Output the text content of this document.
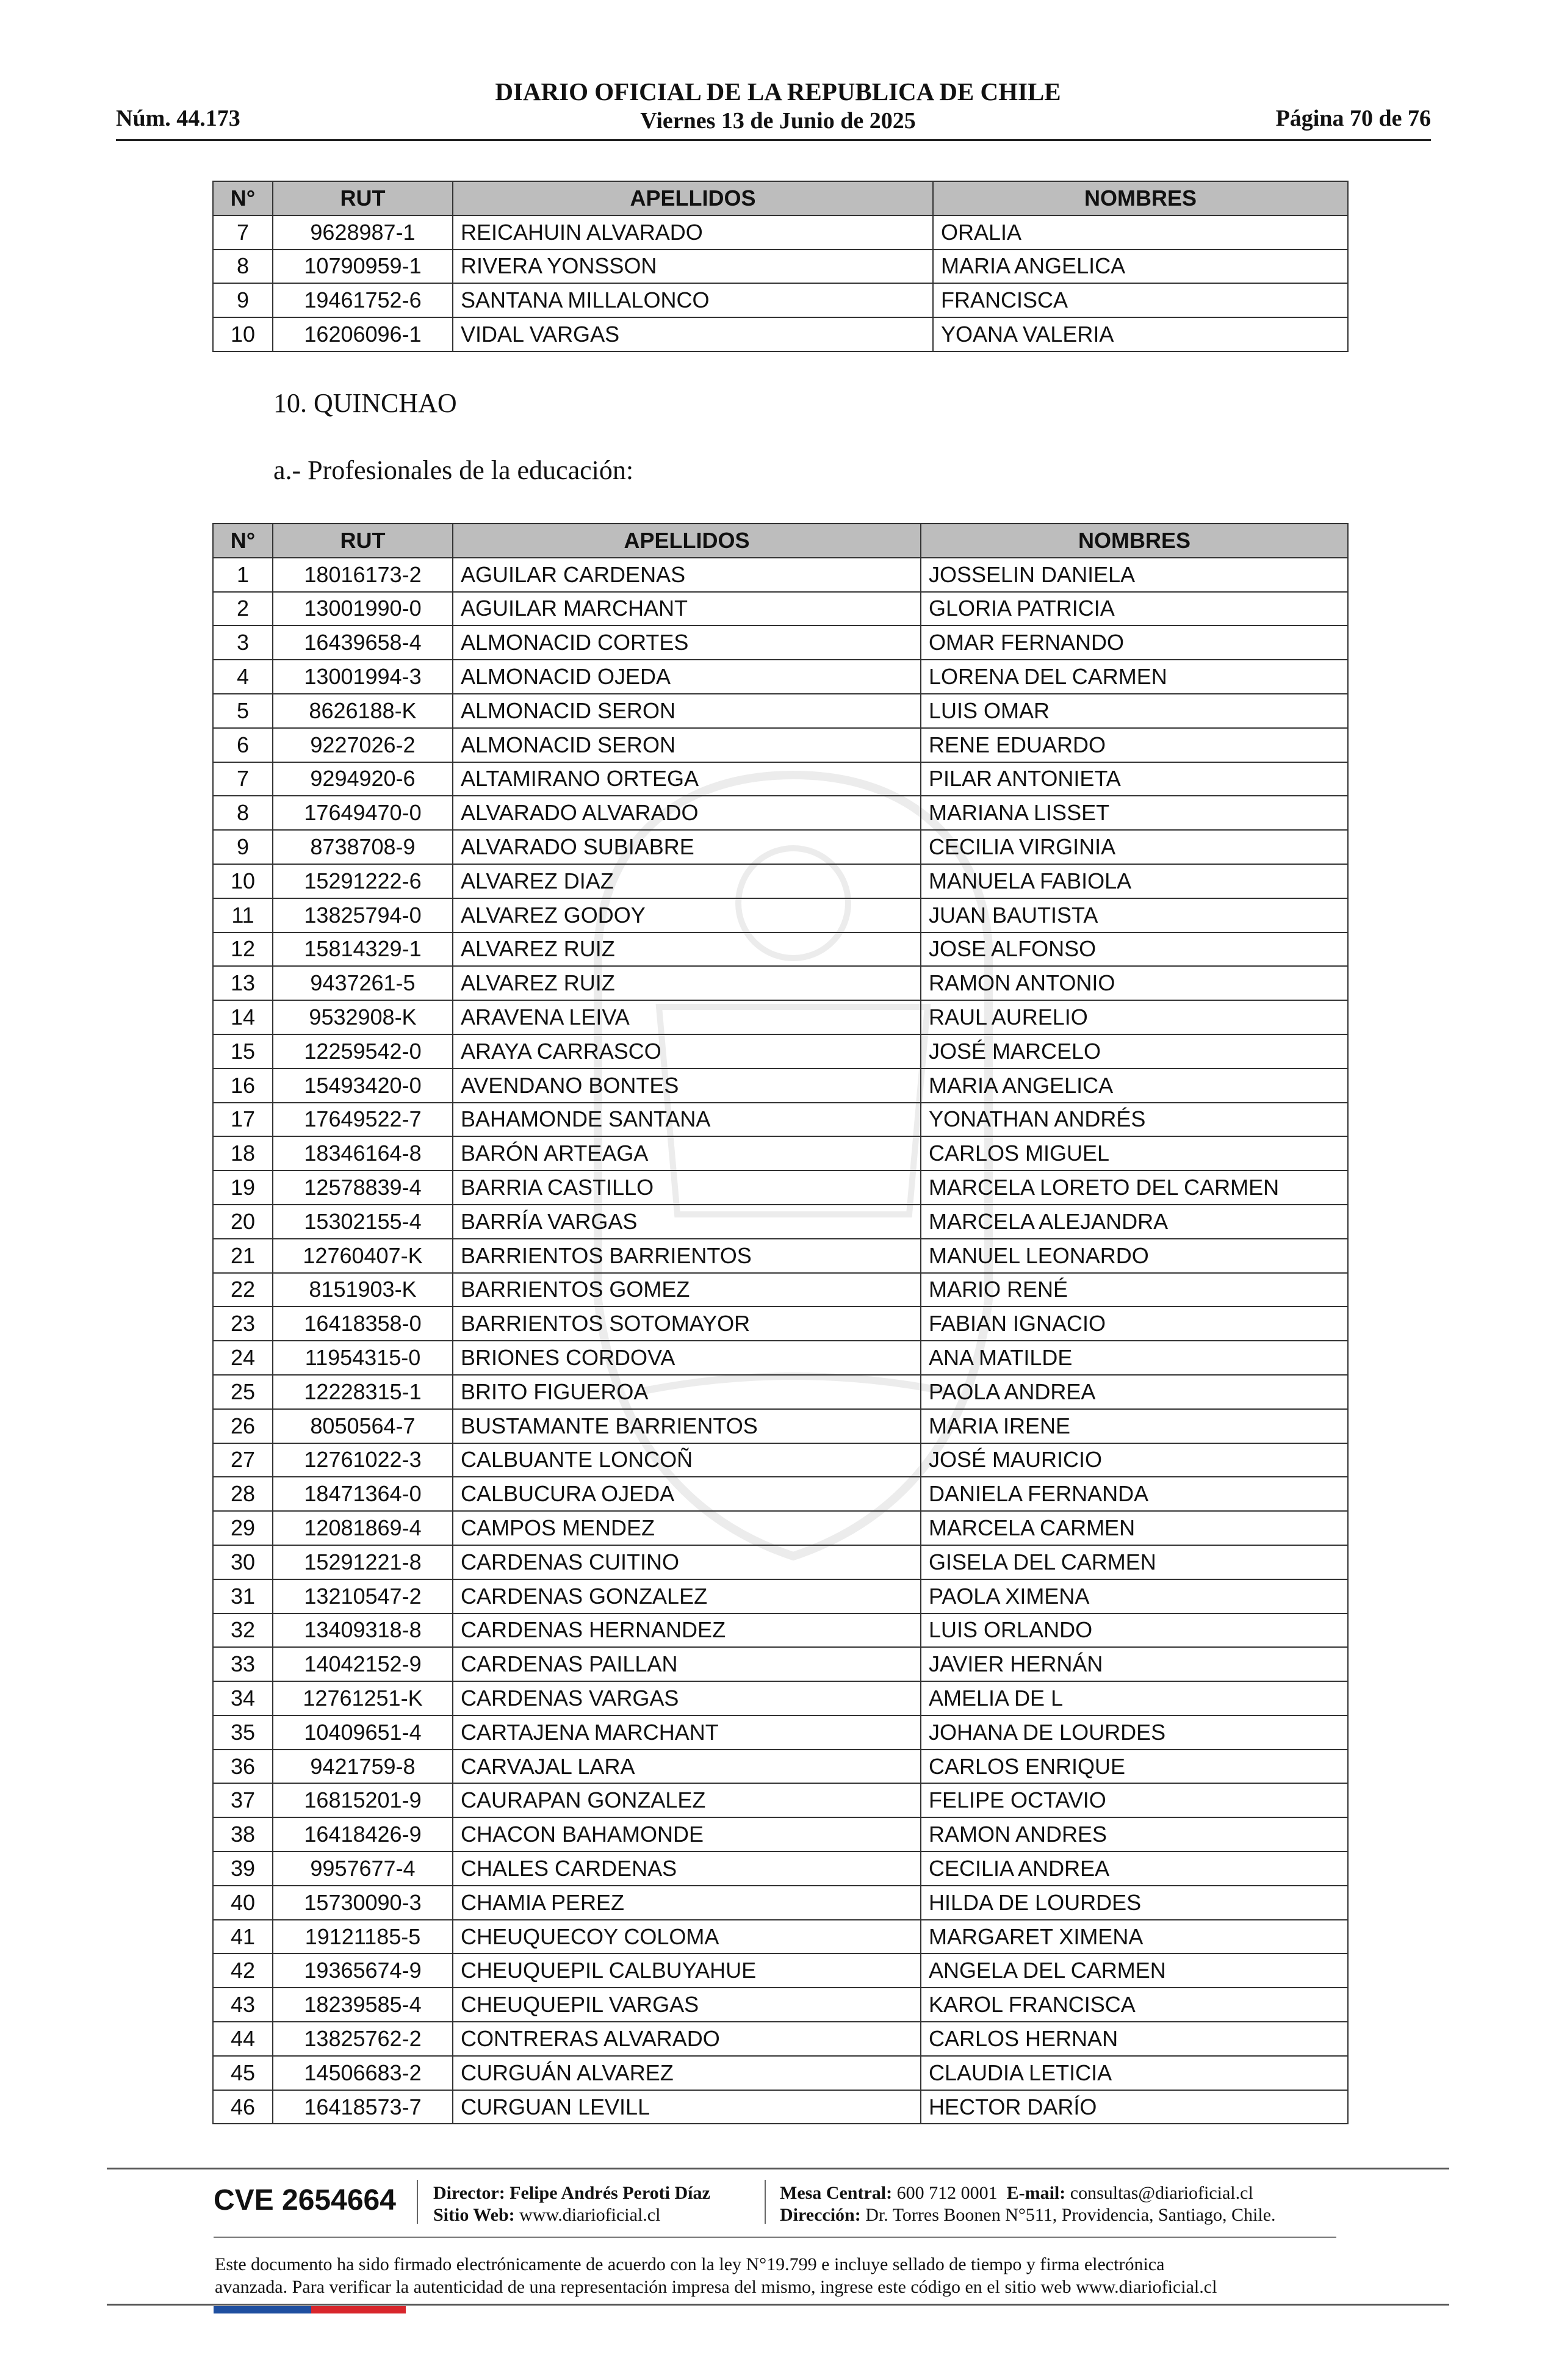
Núm. 44.173
DIARIO OFICIAL DE LA REPUBLICA DE CHILE
Viernes 13 de Junio de 2025	Página 70 de 76
N°	RUT	APELLIDOS	NOMBRES
7	9628987-1	REICAHUIN ALVARADO	ORALIA
8	10790959-1	RIVERA YONSSON	MARIA ANGELICA
9	19461752-6	SANTANA MILLALONCO	FRANCISCA
10	16206096-1	VIDAL VARGAS	YOANA VALERIA
10. QUINCHAO
a.- Profesionales de la educación:
N°	RUT	APELLIDOS	NOMBRES
1	18016173-2	AGUILAR CARDENAS	JOSSELIN DANIELA
2	13001990-0	AGUILAR MARCHANT	GLORIA PATRICIA
3	16439658-4	ALMONACID CORTES	OMAR FERNANDO
4	13001994-3	ALMONACID OJEDA	LORENA DEL CARMEN
5	8626188-K	ALMONACID SERON	LUIS OMAR
6	9227026-2	ALMONACID SERON	RENE EDUARDO
7	9294920-6	ALTAMIRANO ORTEGA	PILAR ANTONIETA
8	17649470-0	ALVARADO ALVARADO	MARIANA LISSET
9	8738708-9	ALVARADO SUBIABRE	CECILIA VIRGINIA
10	15291222-6	ALVAREZ DIAZ	MANUELA FABIOLA
11	13825794-0	ALVAREZ GODOY	JUAN BAUTISTA
12	15814329-1	ALVAREZ RUIZ	JOSE ALFONSO
13	9437261-5	ALVAREZ RUIZ	RAMON ANTONIO
14	9532908-K	ARAVENA LEIVA	RAUL AURELIO
15	12259542-0	ARAYA CARRASCO	JOSÉ MARCELO
16	15493420-0	AVENDANO BONTES	MARIA ANGELICA
17	17649522-7	BAHAMONDE SANTANA	YONATHAN ANDRÉS
18	18346164-8	BARÓN ARTEAGA	CARLOS MIGUEL
19	12578839-4	BARRIA CASTILLO	MARCELA LORETO DEL CARMEN
20	15302155-4	BARRÍA VARGAS	MARCELA ALEJANDRA
21	12760407-K	BARRIENTOS BARRIENTOS	MANUEL LEONARDO
22	8151903-K	BARRIENTOS GOMEZ	MARIO RENÉ
23	16418358-0	BARRIENTOS SOTOMAYOR	FABIAN IGNACIO
24	11954315-0	BRIONES CORDOVA	ANA MATILDE
25	12228315-1	BRITO FIGUEROA	PAOLA ANDREA
26	8050564-7	BUSTAMANTE BARRIENTOS	MARIA IRENE
27	12761022-3	CALBUANTE LONCOÑ	JOSÉ MAURICIO
28	18471364-0	CALBUCURA OJEDA	DANIELA FERNANDA
29	12081869-4	CAMPOS MENDEZ	MARCELA CARMEN
30	15291221-8	CARDENAS CUITINO	GISELA DEL CARMEN
31	13210547-2	CARDENAS GONZALEZ	PAOLA XIMENA
32	13409318-8	CARDENAS HERNANDEZ	LUIS ORLANDO
33	14042152-9	CARDENAS PAILLAN	JAVIER HERNÁN
34	12761251-K	CARDENAS VARGAS	AMELIA DE L
35	10409651-4	CARTAJENA MARCHANT	JOHANA DE LOURDES
36	9421759-8	CARVAJAL LARA	CARLOS ENRIQUE
37	16815201-9	CAURAPAN GONZALEZ	FELIPE OCTAVIO
38	16418426-9	CHACON BAHAMONDE	RAMON ANDRES
39	9957677-4	CHALES CARDENAS	CECILIA ANDREA
40	15730090-3	CHAMIA PEREZ	HILDA DE LOURDES
41	19121185-5	CHEUQUECOY COLOMA	MARGARET XIMENA
42	19365674-9	CHEUQUEPIL CALBUYAHUE	ANGELA DEL CARMEN
43	18239585-4	CHEUQUEPIL VARGAS	KAROL FRANCISCA
44	13825762-2	CONTRERAS ALVARADO	CARLOS HERNAN
45	14506683-2	CURGUÁN ALVAREZ	CLAUDIA LETICIA
46	16418573-7	CURGUAN LEVILL	HECTOR DARÍO
CVE 2654664 Director: Felipe Andrés Peroti Díaz
Sitio Web: www.diarioficial.cl
Mesa Central: 600 712 0001 E-mail: consultas@diarioficial.cl
Dirección: Dr. Torres Boonen N°511, Providencia, Santiago, Chile.
Este documento ha sido firmado electrónicamente de acuerdo con la ley N°19.799 e incluye sellado de tiempo y firma electrónica
avanzada. Para verificar la autenticidad de una representación impresa del mismo, ingrese este código en el sitio web www.diarioficial.cl
